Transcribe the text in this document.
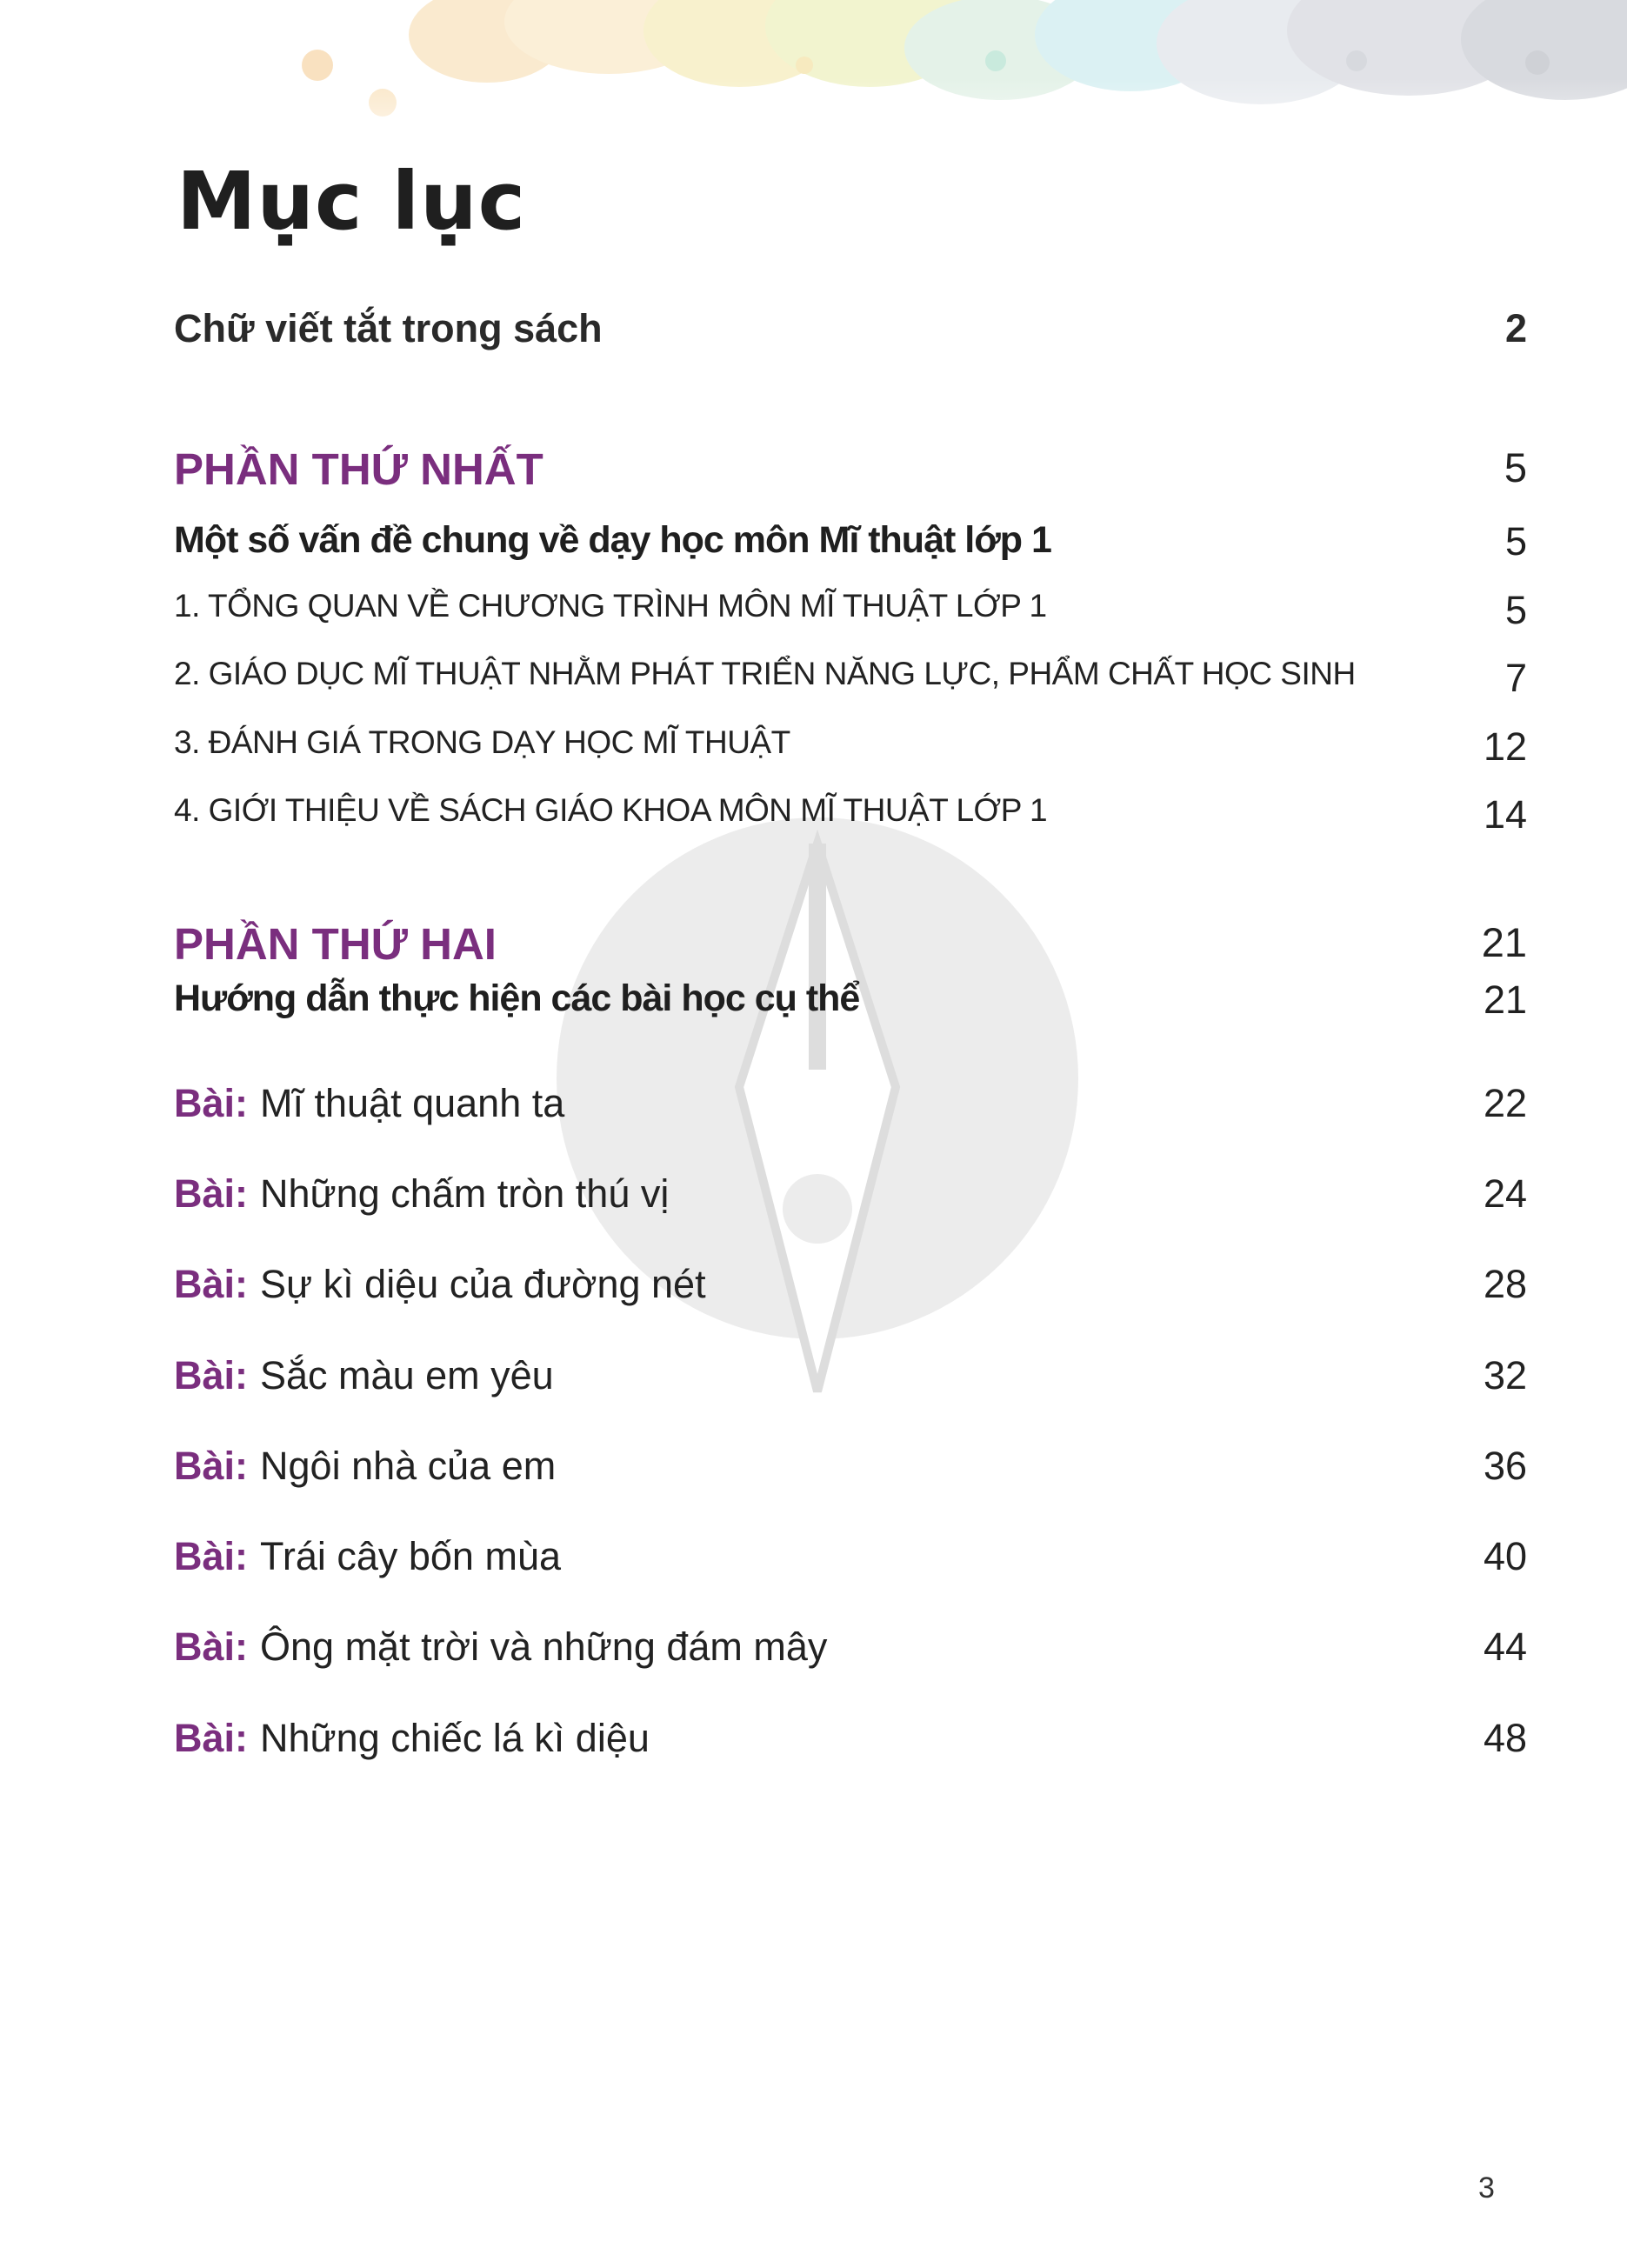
Mục lục
Chữ viết tắt trong sách	2
PHẦN THỨ NHẤT	5
Một số vấn đề chung về dạy học môn Mĩ thuật lớp 1	5
1. TỔNG QUAN VỀ CHƯƠNG TRÌNH MÔN MĨ THUẬT LỚP 1	5
2. GIÁO DỤC MĨ THUẬT NHẰM PHÁT TRIỂN NĂNG LỰC, PHẨM CHẤT HỌC SINH	7
3. ĐÁNH GIÁ TRONG DẠY HỌC MĨ THUẬT	12
4. GIỚI THIỆU VỀ SÁCH GIÁO KHOA MÔN MĨ THUẬT LỚP 1	14
PHẦN THỨ HAI	21
Hướng dẫn thực hiện các bài học cụ thể	21
Bài: Mĩ thuật quanh ta	22
Bài: Những chấm tròn thú vị	24
Bài: Sự kì diệu của đường nét	28
Bài: Sắc màu em yêu	32
Bài: Ngôi nhà của em	36
Bài: Trái cây bốn mùa	40
Bài: Ông mặt trời và những đám mây	44
Bài: Những chiếc lá kì diệu	48
3
